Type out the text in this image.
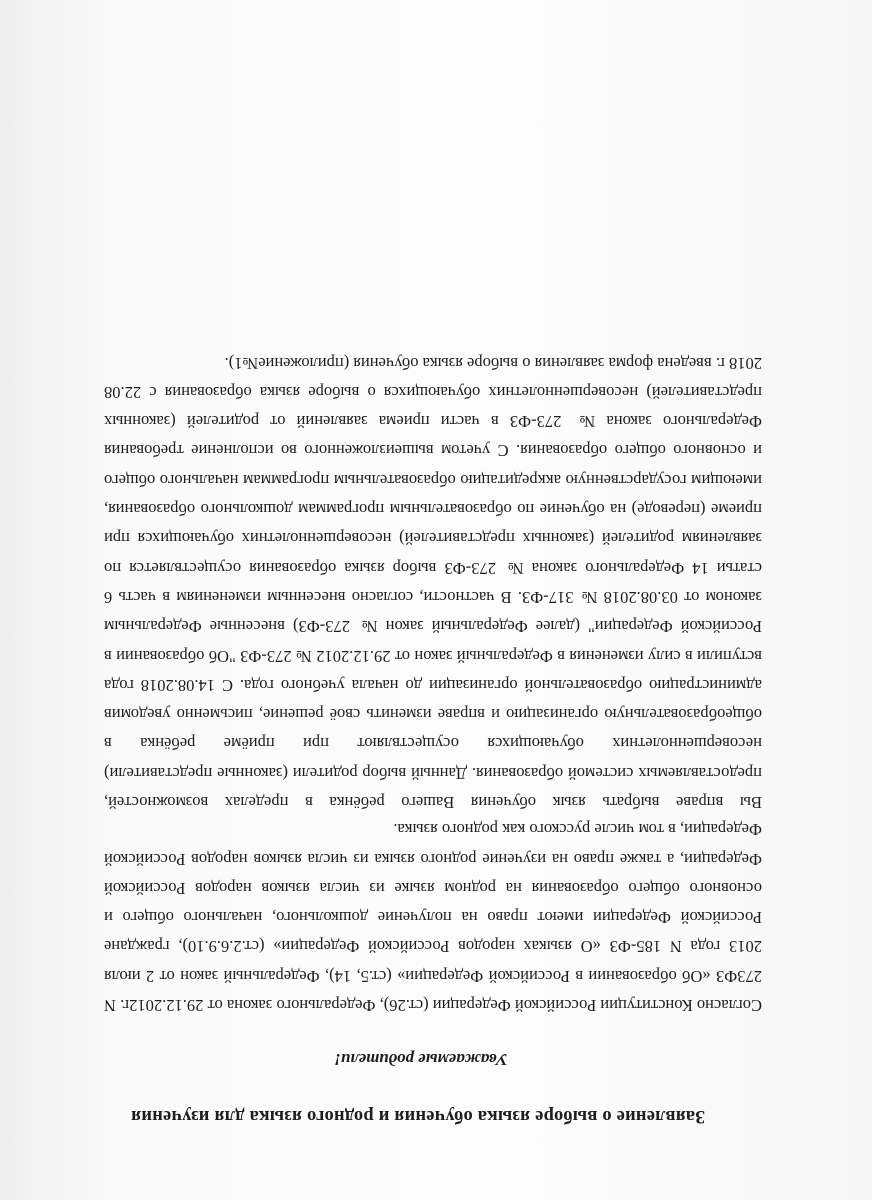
Заявление о выборе языка обучения и родного языка для изучения
Уважаемые родители!

Согласно Конституции Российской Федерации (ст.26), Федерального закона от 29.12.2012г. N 273ФЗ «Об образовании в Российской Федерации» (ст.5, 14), Федеральный закон от 2 июля 2013 года N 185-ФЗ «О языках народов Российской Федерации» (ст.2.6.9.10), граждане Российской Федерации имеют право на получение дошкольного, начального общего и основного общего образования на родном языке из числа языков народов Российской Федерации, а также право на изучение родного языка из числа языков народов Российской Федерации, в том числе русского как родного языка.

Вы вправе выбрать язык обучения Вашего ребёнка в пределах возможностей, предоставляемых системой образования. Данный выбор родители (законные представители) несовершеннолетних обучающихся осуществляют при приёме ребёнка в общеобразовательную организацию и вправе изменить своё решение, письменно уведомив администрацию образовательной организации до начала учебного года. С 14.08.2018 года вступили в силу изменения в Федеральный закон от 29.12.2012 № 273-ФЗ "Об образовании в Российской Федерации" (далее Федеральный закон № 273-ФЗ) внесенные Федеральным законом от 03.08.2018 № 317-ФЗ. В частности, согласно внесенным изменениям в часть 6 статьи 14 Федерального закона № 273-ФЗ выбор языка образования осуществляется по заявлениям родителей (законных представителей) несовершеннолетних обучающихся при приеме (переводе) на обучение по образовательным программам дошкольного образования, имеющим государственную аккредитацию образовательным программам начального общего и основного общего образования. С учетом вышеизложенного во исполнение требования Федерального закона № 273-ФЗ в части приема заявлений от родителей (законных представителей) несовершеннолетних обучающихся о выборе языка образования с 22.08 2018 г. введена форма заявления о выборе языка обучения (приложение№1).
